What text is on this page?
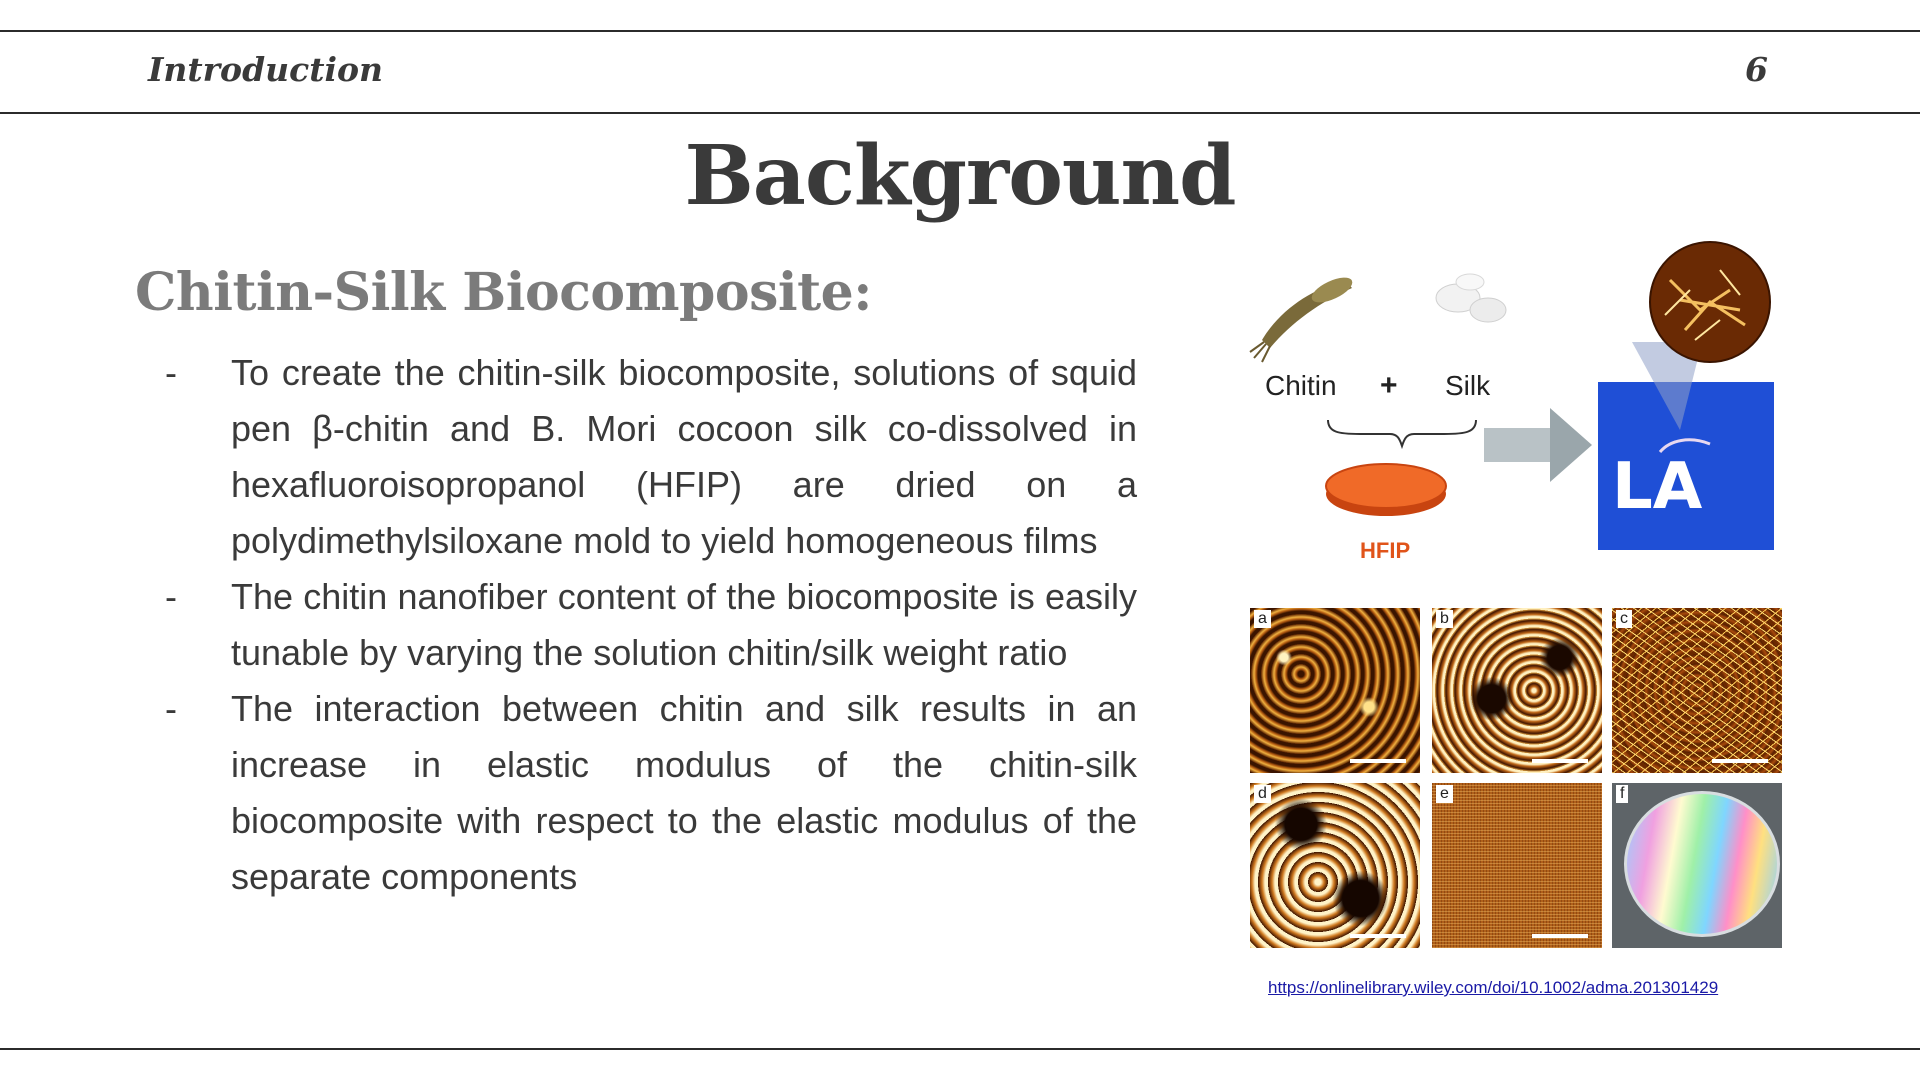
Introduction	6
Background
Chitin-Silk Biocomposite:
- To create the chitin-silk biocomposite, solutions of squid pen β-chitin and B. Mori cocoon silk co-dissolved in hexafluoroisopropanol (HFIP) are dried on a polydimethylsiloxane mold to yield homogeneous films
- The chitin nanofiber content of the biocomposite is easily tunable by varying the solution chitin/silk weight ratio
- The interaction between chitin and silk results in an increase in elastic modulus of the chitin-silk biocomposite with respect to the elastic modulus of the separate components
Chitin + Silk
HFIP
LA
a	b	c
d	e	f
https://onlinelibrary.wiley.com/doi/10.1002/adma.201301429
